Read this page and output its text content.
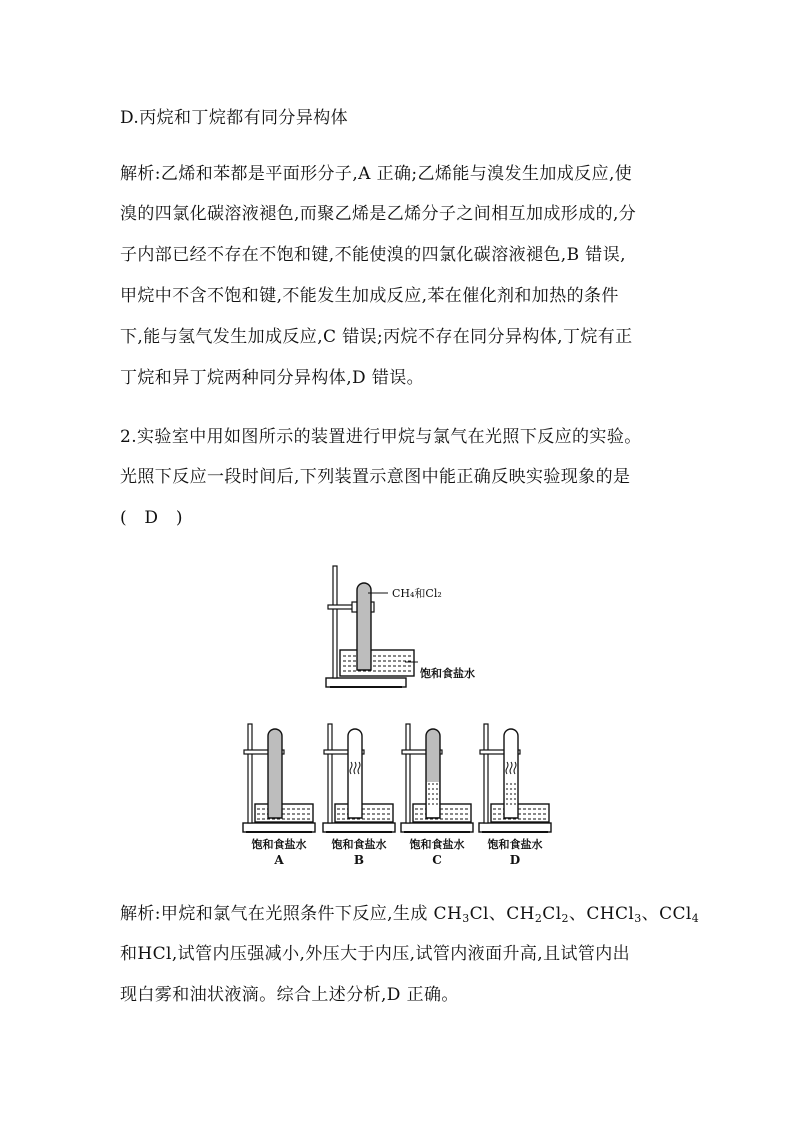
D.丙烷和丁烷都有同分异构体
解析:乙烯和苯都是平面形分子,A 正确;乙烯能与溴发生加成反应,使
溴的四氯化碳溶液褪色,而聚乙烯是乙烯分子之间相互加成形成的,分
子内部已经不存在不饱和键,不能使溴的四氯化碳溶液褪色,B 错误,
甲烷中不含不饱和键,不能发生加成反应,苯在催化剂和加热的条件
下,能与氢气发生加成反应,C 错误;丙烷不存在同分异构体,丁烷有正
丁烷和异丁烷两种同分异构体,D 错误。
2.实验室中用如图所示的装置进行甲烷与氯气在光照下反应的实验。
光照下反应一段时间后,下列装置示意图中能正确反映实验现象的是
(　D　)
CH₄和Cl₂
饱和食盐水
饱和食盐水
A
饱和食盐水
B
饱和食盐水
C
饱和食盐水
D
解析:甲烷和氯气在光照条件下反应,生成 $CH_3Cl$、$CH_2Cl_2$、CHCl$_3$、CCl$_4$
和HCl,试管内压强减小,外压大于内压,试管内液面升高,且试管内出
现白雾和油状液滴。综合上述分析,D 正确。
